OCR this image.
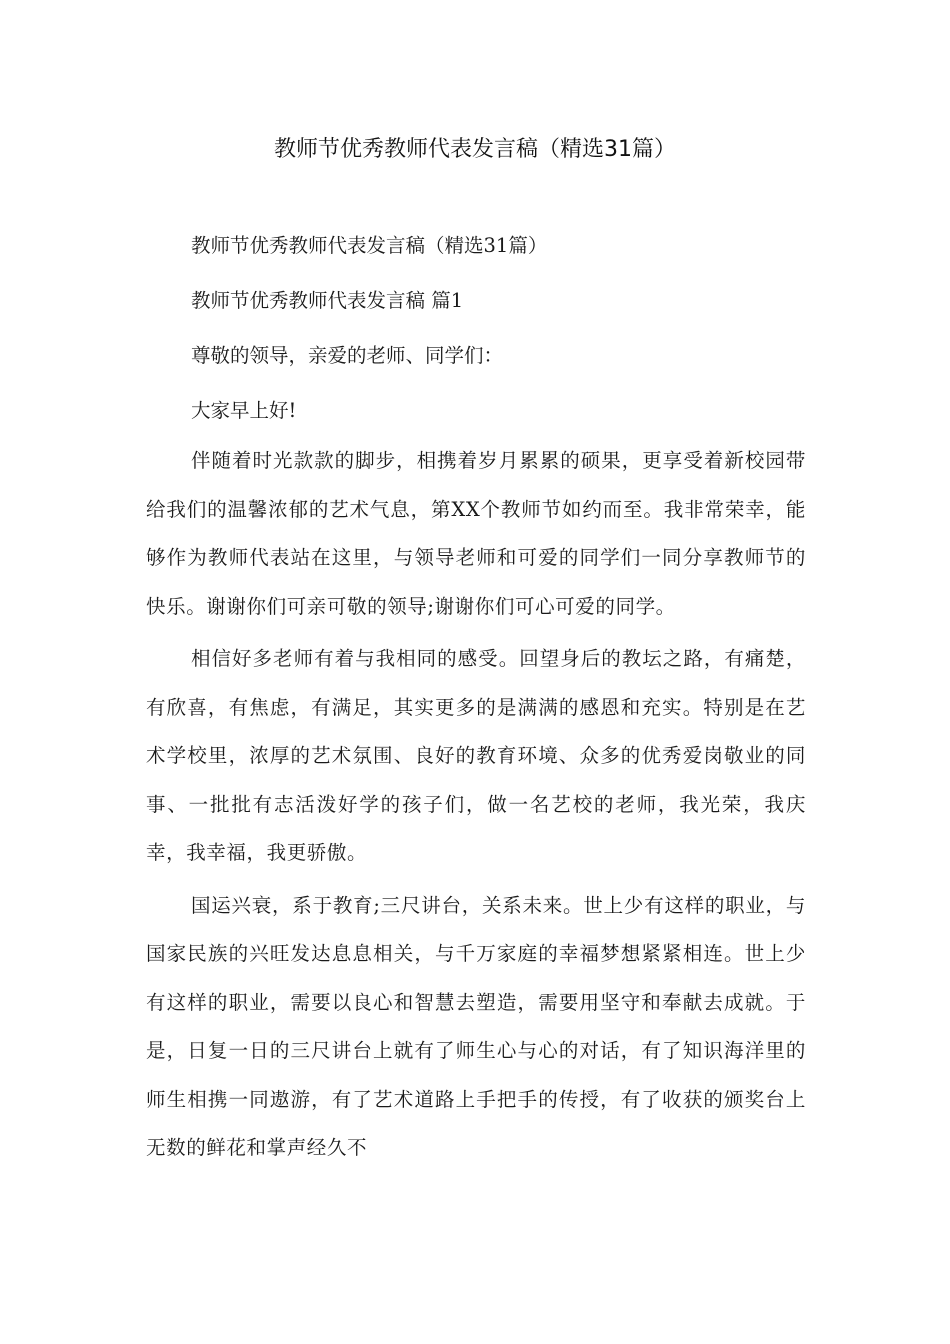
教师节优秀教师代表发言稿（精选31篇）

教师节优秀教师代表发言稿（精选31篇）

教师节优秀教师代表发言稿 篇1

尊敬的领导，亲爱的老师、同学们：

大家早上好!

伴随着时光款款的脚步，相携着岁月累累的硕果，更享受着新校园带给我们的温馨浓郁的艺术气息，第XX个教师节如约而至。我非常荣幸，能够作为教师代表站在这里，与领导老师和可爱的同学们一同分享教师节的快乐。谢谢你们可亲可敬的领导;谢谢你们可心可爱的同学。

相信好多老师有着与我相同的感受。回望身后的教坛之路，有痛楚，有欣喜，有焦虑，有满足，其实更多的是满满的感恩和充实。特别是在艺术学校里，浓厚的艺术氛围、良好的教育环境、众多的优秀爱岗敬业的同事、一批批有志活泼好学的孩子们，做一名艺校的老师，我光荣，我庆幸，我幸福，我更骄傲。

国运兴衰，系于教育;三尺讲台，关系未来。世上少有这样的职业，与国家民族的兴旺发达息息相关，与千万家庭的幸福梦想紧紧相连。世上少有这样的职业，需要以良心和智慧去塑造，需要用坚守和奉献去成就。于是，日复一日的三尺讲台上就有了师生心与心的对话，有了知识海洋里的师生相携一同遨游，有了艺术道路上手把手的传授，有了收获的颁奖台上无数的鲜花和掌声经久不
